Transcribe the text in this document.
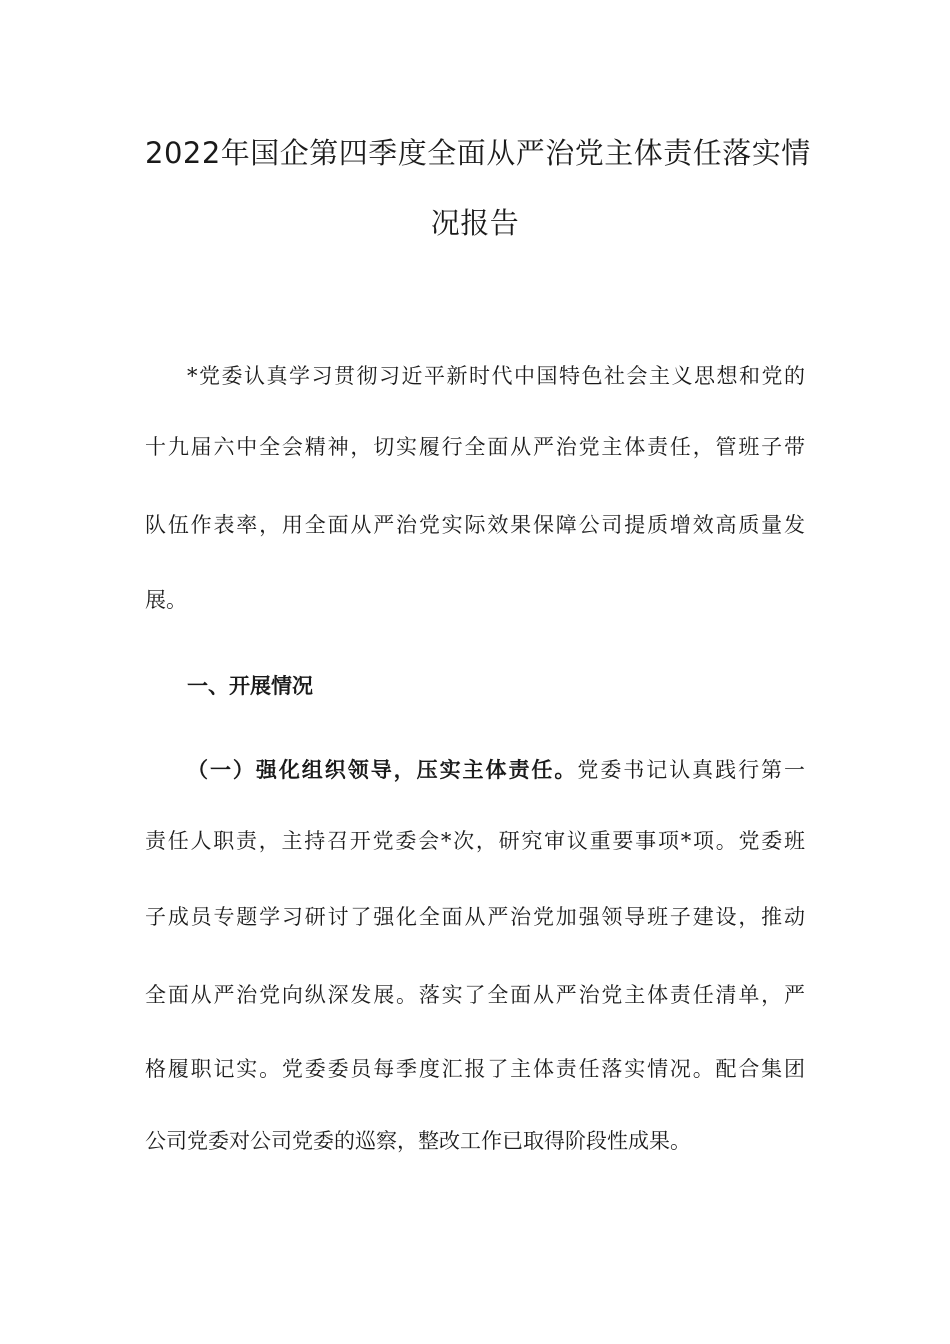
2022年国企第四季度全面从严治党主体责任落实情
况报告
*党委认真学习贯彻习近平新时代中国特色社会主义思想和党的
十九届六中全会精神，切实履行全面从严治党主体责任，管班子带
队伍作表率，用全面从严治党实际效果保障公司提质增效高质量发
展。
一、开展情况
（一）强化组织领导，压实主体责任。党委书记认真践行第一
责任人职责，主持召开党委会*次，研究审议重要事项*项。党委班
子成员专题学习研讨了强化全面从严治党加强领导班子建设，推动
全面从严治党向纵深发展。落实了全面从严治党主体责任清单，严
格履职记实。党委委员每季度汇报了主体责任落实情况。配合集团
公司党委对公司党委的巡察，整改工作已取得阶段性成果。
